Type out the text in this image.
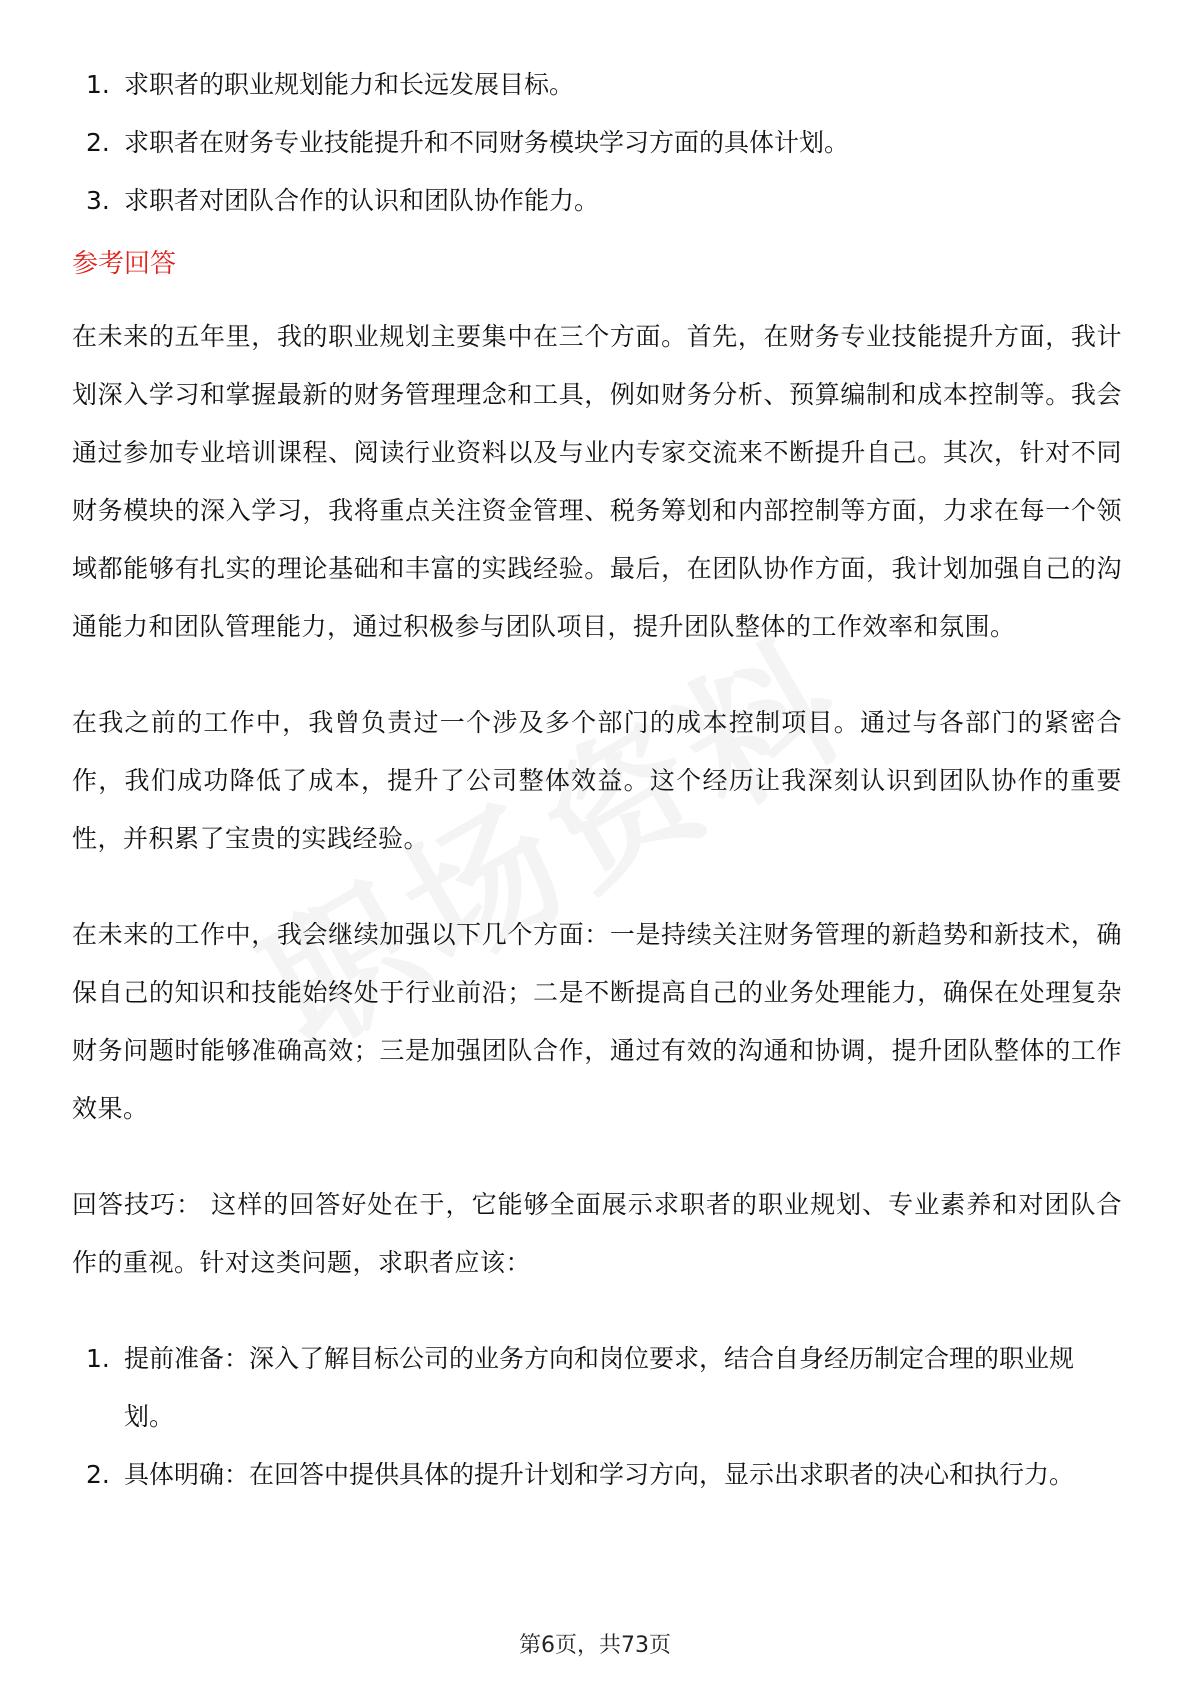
1. 求职者的职业规划能力和长远发展目标。
2. 求职者在财务专业技能提升和不同财务模块学习方面的具体计划。
3. 求职者对团队合作的认识和团队协作能力。
参考回答

在未来的五年里，我的职业规划主要集中在三个方面。首先，在财务专业技能提升方面，我计划深入学习和掌握最新的财务管理理念和工具，例如财务分析、预算编制和成本控制等。我会通过参加专业培训课程、阅读行业资料以及与业内专家交流来不断提升自己。其次，针对不同财务模块的深入学习，我将重点关注资金管理、税务筹划和内部控制等方面，力求在每一个领域都能够有扎实的理论基础和丰富的实践经验。最后，在团队协作方面，我计划加强自己的沟通能力和团队管理能力，通过积极参与团队项目，提升团队整体的工作效率和氛围。

在我之前的工作中，我曾负责过一个涉及多个部门的成本控制项目。通过与各部门的紧密合作，我们成功降低了成本，提升了公司整体效益。这个经历让我深刻认识到团队协作的重要性，并积累了宝贵的实践经验。

在未来的工作中，我会继续加强以下几个方面：一是持续关注财务管理的新趋势和新技术，确保自己的知识和技能始终处于行业前沿；二是不断提高自己的业务处理能力，确保在处理复杂财务问题时能够准确高效；三是加强团队合作，通过有效的沟通和协调，提升团队整体的工作效果。

回答技巧： 这样的回答好处在于，它能够全面展示求职者的职业规划、专业素养和对团队合作的重视。针对这类问题，求职者应该：

1. 提前准备：深入了解目标公司的业务方向和岗位要求，结合自身经历制定合理的职业规划。
2. 具体明确：在回答中提供具体的提升计划和学习方向，显示出求职者的决心和执行力。
第6页，共73页
